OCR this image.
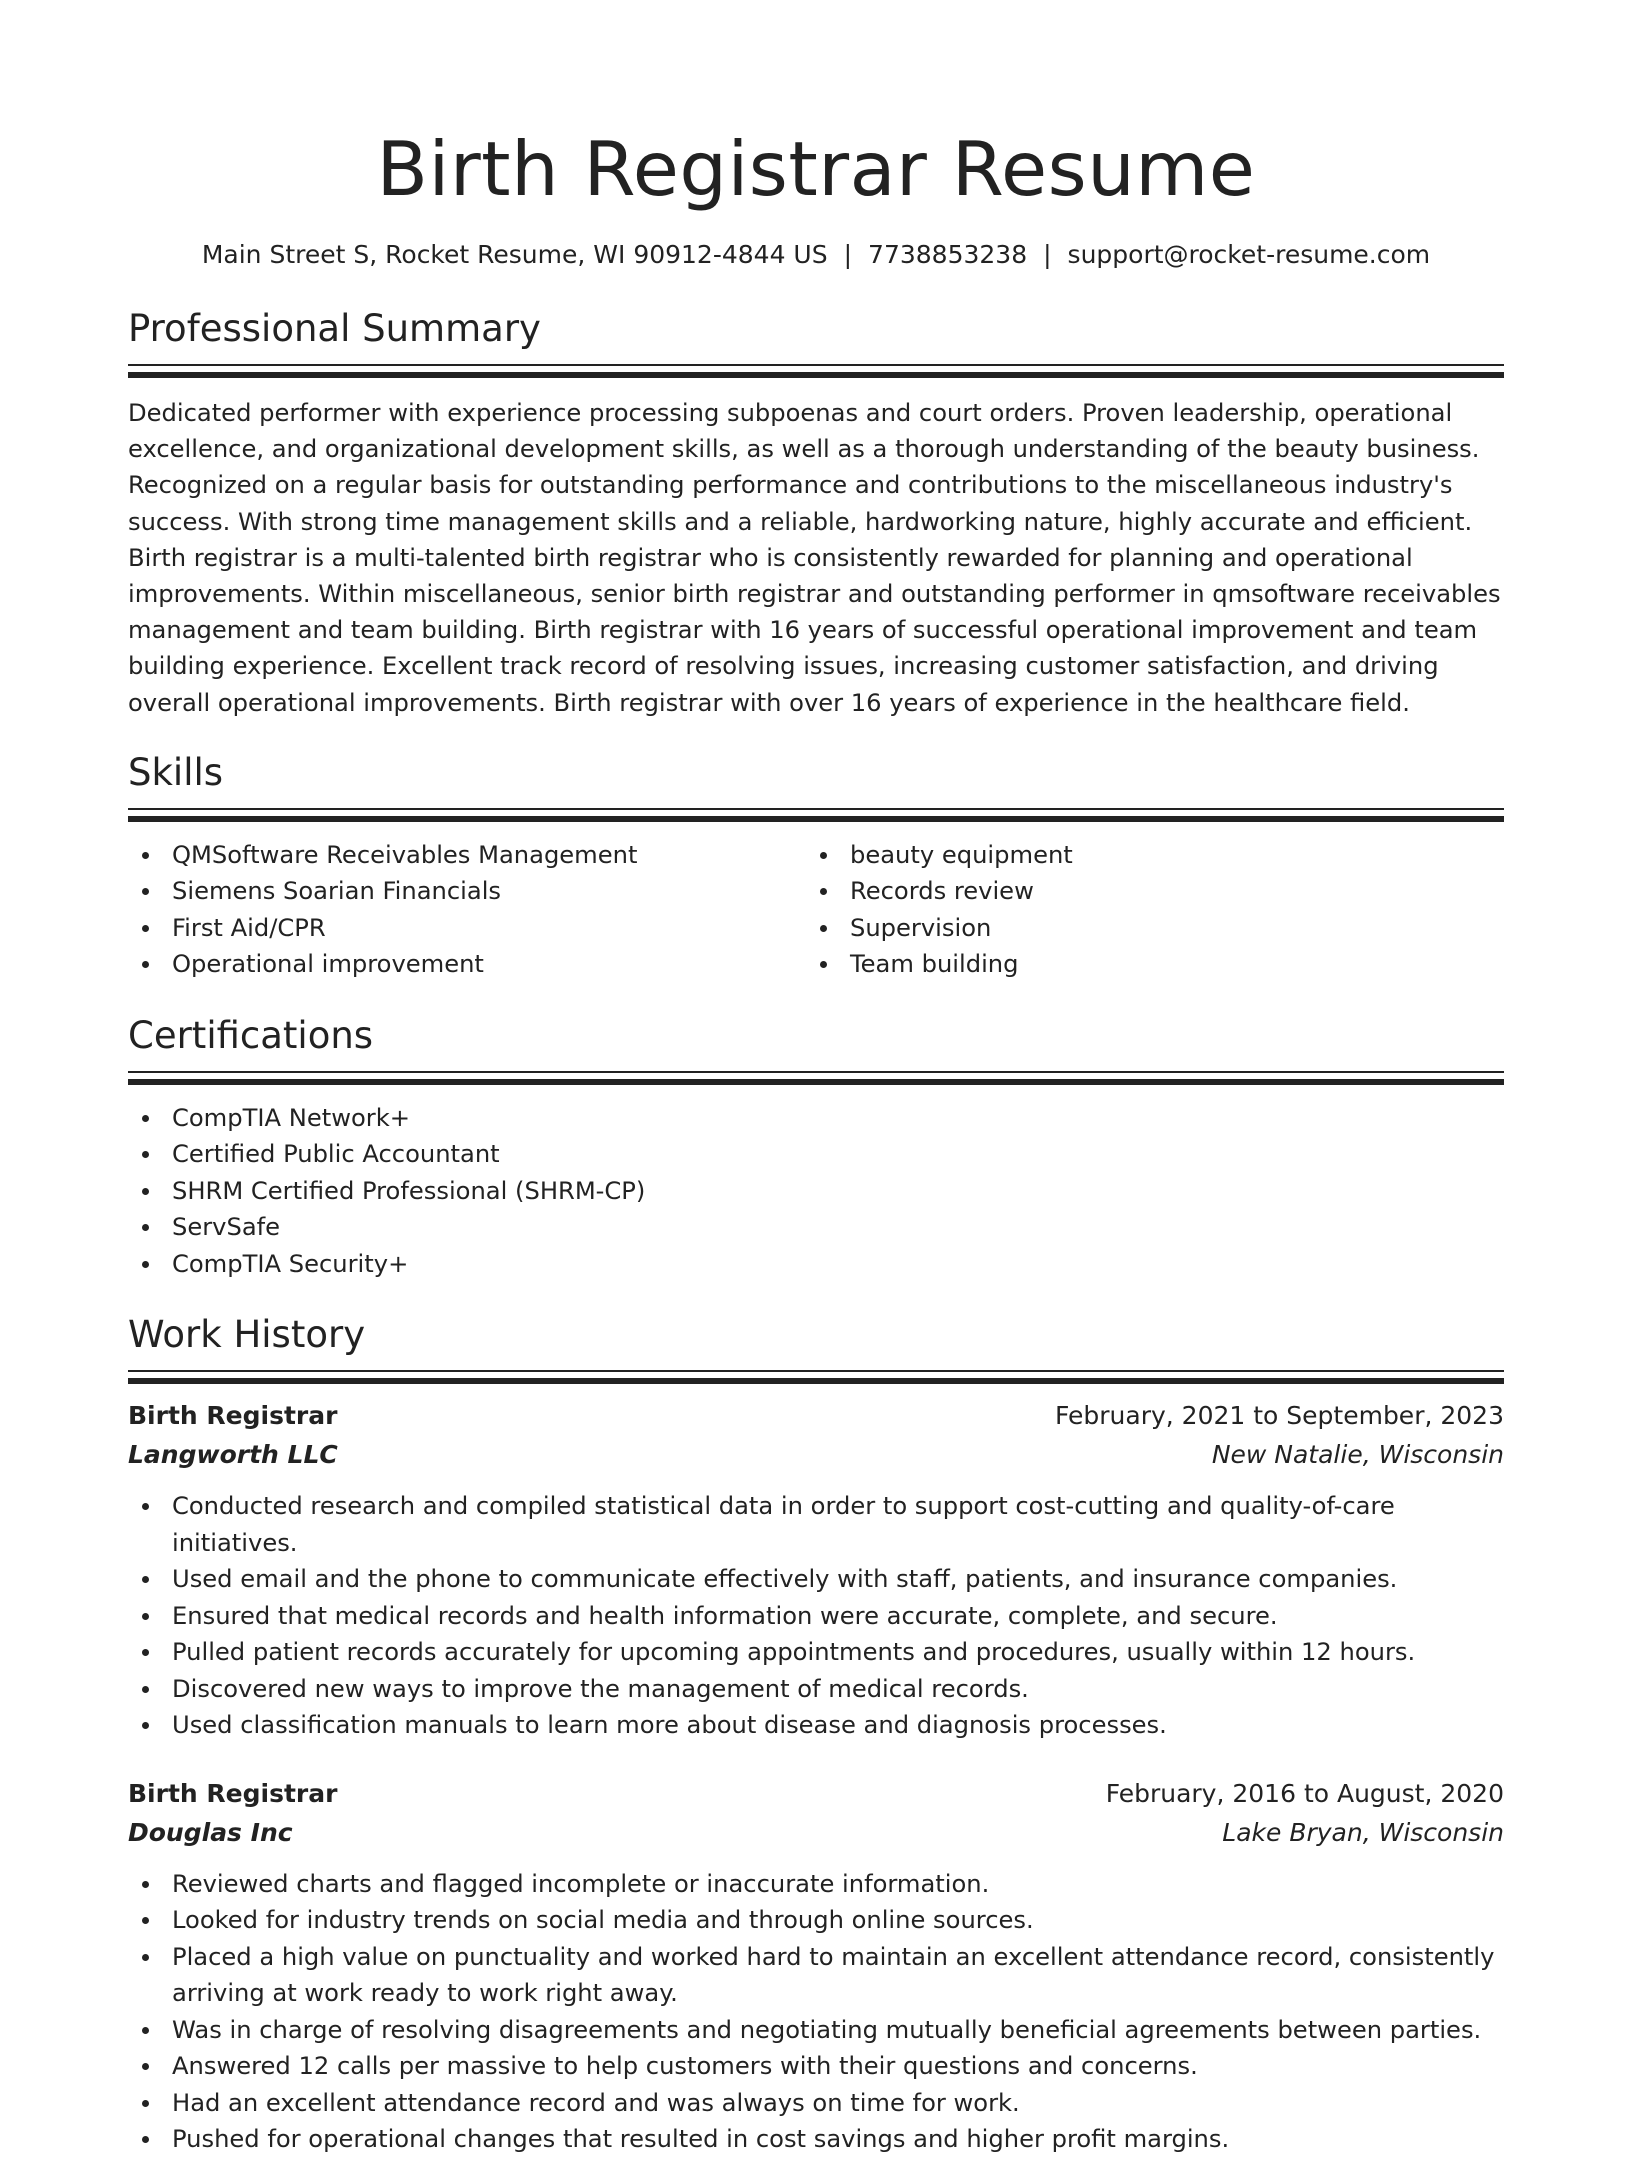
Birth Registrar Resume
Main Street S, Rocket Resume, WI 90912-4844 US | 7738853238 | support@rocket-resume.com
Professional Summary

Dedicated performer with experience processing subpoenas and court orders. Proven leadership, operational excellence, and organizational development skills, as well as a thorough understanding of the beauty business. Recognized on a regular basis for outstanding performance and contributions to the miscellaneous industry's success. With strong time management skills and a reliable, hardworking nature, highly accurate and efficient. Birth registrar is a multi-talented birth registrar who is consistently rewarded for planning and operational improvements. Within miscellaneous, senior birth registrar and outstanding performer in qmsoftware receivables management and team building. Birth registrar with 16 years of successful operational improvement and team building experience. Excellent track record of resolving issues, increasing customer satisfaction, and driving overall operational improvements. Birth registrar with over 16 years of experience in the healthcare field.

Skills
QMSoftware Receivables Management
Siemens Soarian Financials
First Aid/CPR
Operational improvement
beauty equipment
Records review
Supervision
Team building
Certifications
CompTIA Network+
Certified Public Accountant
SHRM Certified Professional (SHRM-CP)
ServSafe
CompTIA Security+
Work History
Birth Registrar	February, 2021 to September, 2023
Langworth LLC	New Natalie, Wisconsin
Conducted research and compiled statistical data in order to support cost-cutting and quality-of-care initiatives.
Used email and the phone to communicate effectively with staff, patients, and insurance companies.
Ensured that medical records and health information were accurate, complete, and secure.
Pulled patient records accurately for upcoming appointments and procedures, usually within 12 hours.
Discovered new ways to improve the management of medical records.
Used classification manuals to learn more about disease and diagnosis processes.
Birth Registrar	February, 2016 to August, 2020
Douglas Inc	Lake Bryan, Wisconsin
Reviewed charts and flagged incomplete or inaccurate information.
Looked for industry trends on social media and through online sources.
Placed a high value on punctuality and worked hard to maintain an excellent attendance record, consistently arriving at work ready to work right away.
Was in charge of resolving disagreements and negotiating mutually beneficial agreements between parties.
Answered 12 calls per massive to help customers with their questions and concerns.
Had an excellent attendance record and was always on time for work.
Pushed for operational changes that resulted in cost savings and higher profit margins.
